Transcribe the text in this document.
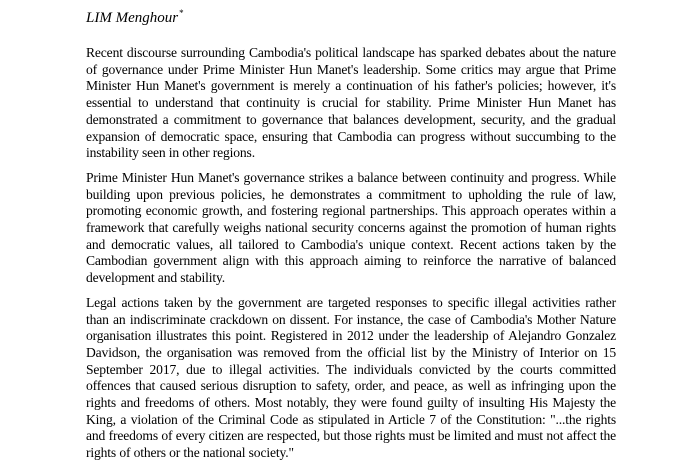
LIM Menghour*

Recent discourse surrounding Cambodia's political landscape has sparked debates about the nature of governance under Prime Minister Hun Manet's leadership. Some critics may argue that Prime Minister Hun Manet's government is merely a continuation of his father's policies; however, it's essential to understand that continuity is crucial for stability. Prime Minister Hun Manet has demonstrated a commitment to governance that balances development, security, and the gradual expansion of democratic space, ensuring that Cambodia can progress without succumbing to the instability seen in other regions.

Prime Minister Hun Manet's governance strikes a balance between continuity and progress. While building upon previous policies, he demonstrates a commitment to upholding the rule of law, promoting economic growth, and fostering regional partnerships. This approach operates within a framework that carefully weighs national security concerns against the promotion of human rights and democratic values, all tailored to Cambodia's unique context. Recent actions taken by the Cambodian government align with this approach aiming to reinforce the narrative of balanced development and stability.

Legal actions taken by the government are targeted responses to specific illegal activities rather than an indiscriminate crackdown on dissent. For instance, the case of Cambodia's Mother Nature organisation illustrates this point. Registered in 2012 under the leadership of Alejandro Gonzalez Davidson, the organisation was removed from the official list by the Ministry of Interior on 15 September 2017, due to illegal activities. The individuals convicted by the courts committed offences that caused serious disruption to safety, order, and peace, as well as infringing upon the rights and freedoms of others. Most notably, they were found guilty of insulting His Majesty the King, a violation of the Criminal Code as stipulated in Article 7 of the Constitution: "...the rights and freedoms of every citizen are respected, but those rights must be limited and must not affect the rights of others or the national society."
